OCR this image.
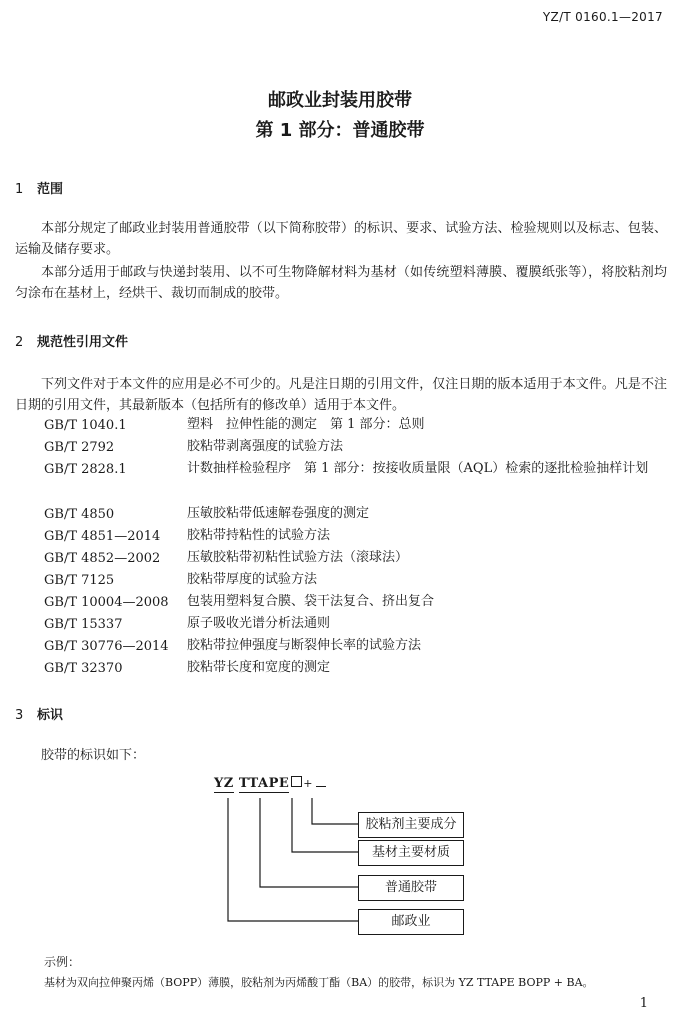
YZ/T 0160.1—2017
邮政业封装用胶带
第 1 部分：普通胶带
1 范围

本部分规定了邮政业封装用普通胶带（以下简称胶带）的标识、要求、试验方法、检验规则以及标志、包装、运输及储存要求。

本部分适用于邮政与快递封装用、以不可生物降解材料为基材（如传统塑料薄膜、覆膜纸张等），将胶粘剂均匀涂布在基材上，经烘干、裁切而制成的胶带。

2 规范性引用文件

下列文件对于本文件的应用是必不可少的。凡是注日期的引用文件，仅注日期的版本适用于本文件。凡是不注日期的引用文件，其最新版本（包括所有的修改单）适用于本文件。

GB/T 1040.1	塑料　拉伸性能的测定　第 1 部分：总则
GB/T 2792	胶粘带剥离强度的试验方法
GB/T 2828.1	计数抽样检验程序　第 1 部分：按接收质量限（AQL）检索的逐批检验抽样计划
GB/T 4850	压敏胶粘带低速解卷强度的测定
GB/T 4851—2014 胶粘带持粘性的试验方法
GB/T 4852—2002 压敏胶粘带初粘性试验方法（滚球法）
GB/T 7125	胶粘带厚度的试验方法
GB/T 10004—2008 包装用塑料复合膜、袋干法复合、挤出复合
GB/T 15337	原子吸收光谱分析法通则
GB/T 30776—2014 胶粘带拉伸强度与断裂伸长率的试验方法
GB/T 32370	胶粘带长度和宽度的测定
3 标识

胶带的标识如下：

YZ TTAPE +
胶粘剂主要成分
基材主要材质
普通胶带
邮政业
示例：
基材为双向拉伸聚丙烯（BOPP）薄膜，胶粘剂为丙烯酸丁酯（BA）的胶带，标识为 YZ TTAPE BOPP + BA。
1
